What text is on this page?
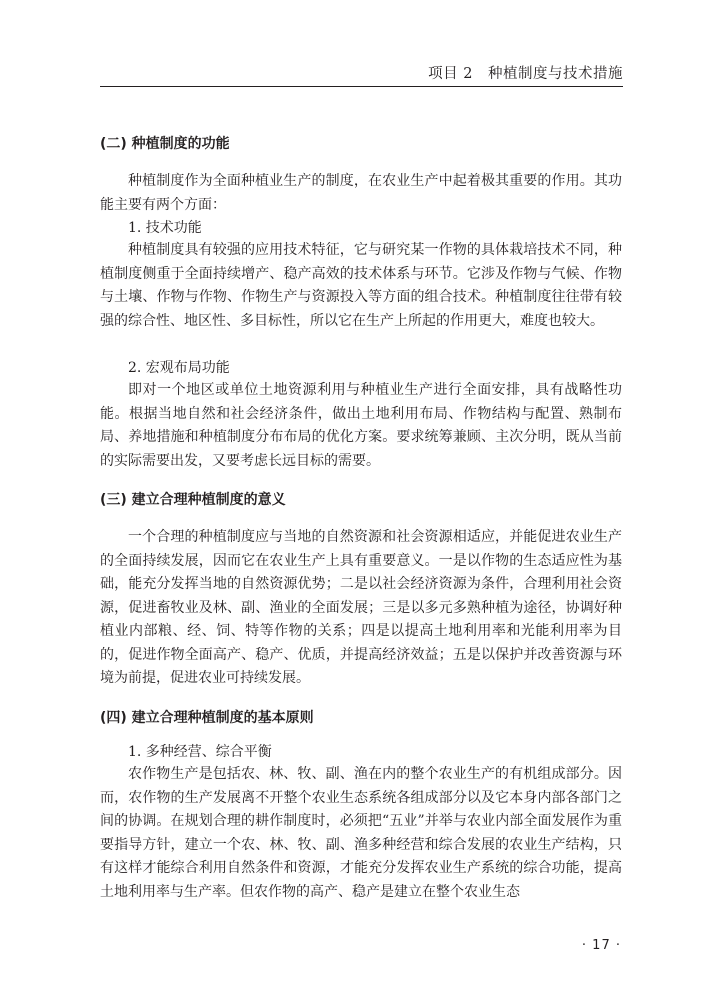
项目 2　种植制度与技术措施
(二) 种植制度的功能
种植制度作为全面种植业生产的制度，在农业生产中起着极其重要的作用。其功能主要有两个方面：
1. 技术功能
种植制度具有较强的应用技术特征，它与研究某一作物的具体栽培技术不同，种植制度侧重于全面持续增产、稳产高效的技术体系与环节。它涉及作物与气候、作物与土壤、作物与作物、作物生产与资源投入等方面的组合技术。种植制度往往带有较强的综合性、地区性、多目标性，所以它在生产上所起的作用更大，难度也较大。
2. 宏观布局功能
即对一个地区或单位土地资源利用与种植业生产进行全面安排，具有战略性功能。根据当地自然和社会经济条件，做出土地利用布局、作物结构与配置、熟制布局、养地措施和种植制度分布布局的优化方案。要求统筹兼顾、主次分明，既从当前的实际需要出发，又要考虑长远目标的需要。
(三) 建立合理种植制度的意义
一个合理的种植制度应与当地的自然资源和社会资源相适应，并能促进农业生产的全面持续发展，因而它在农业生产上具有重要意义。一是以作物的生态适应性为基础，能充分发挥当地的自然资源优势；二是以社会经济资源为条件，合理利用社会资源，促进畜牧业及林、副、渔业的全面发展；三是以多元多熟种植为途径，协调好种植业内部粮、经、饲、特等作物的关系；四是以提高土地利用率和光能利用率为目的，促进作物全面高产、稳产、优质，并提高经济效益；五是以保护并改善资源与环境为前提，促进农业可持续发展。
(四) 建立合理种植制度的基本原则
1. 多种经营、综合平衡
农作物生产是包括农、林、牧、副、渔在内的整个农业生产的有机组成部分。因而，农作物的生产发展离不开整个农业生态系统各组成部分以及它本身内部各部门之间的协调。在规划合理的耕作制度时，必须把“五业”并举与农业内部全面发展作为重要指导方针，建立一个农、林、牧、副、渔多种经营和综合发展的农业生产结构，只有这样才能综合利用自然条件和资源，才能充分发挥农业生产系统的综合功能，提高土地利用率与生产率。但农作物的高产、稳产是建立在整个农业生态
· 17 ·
